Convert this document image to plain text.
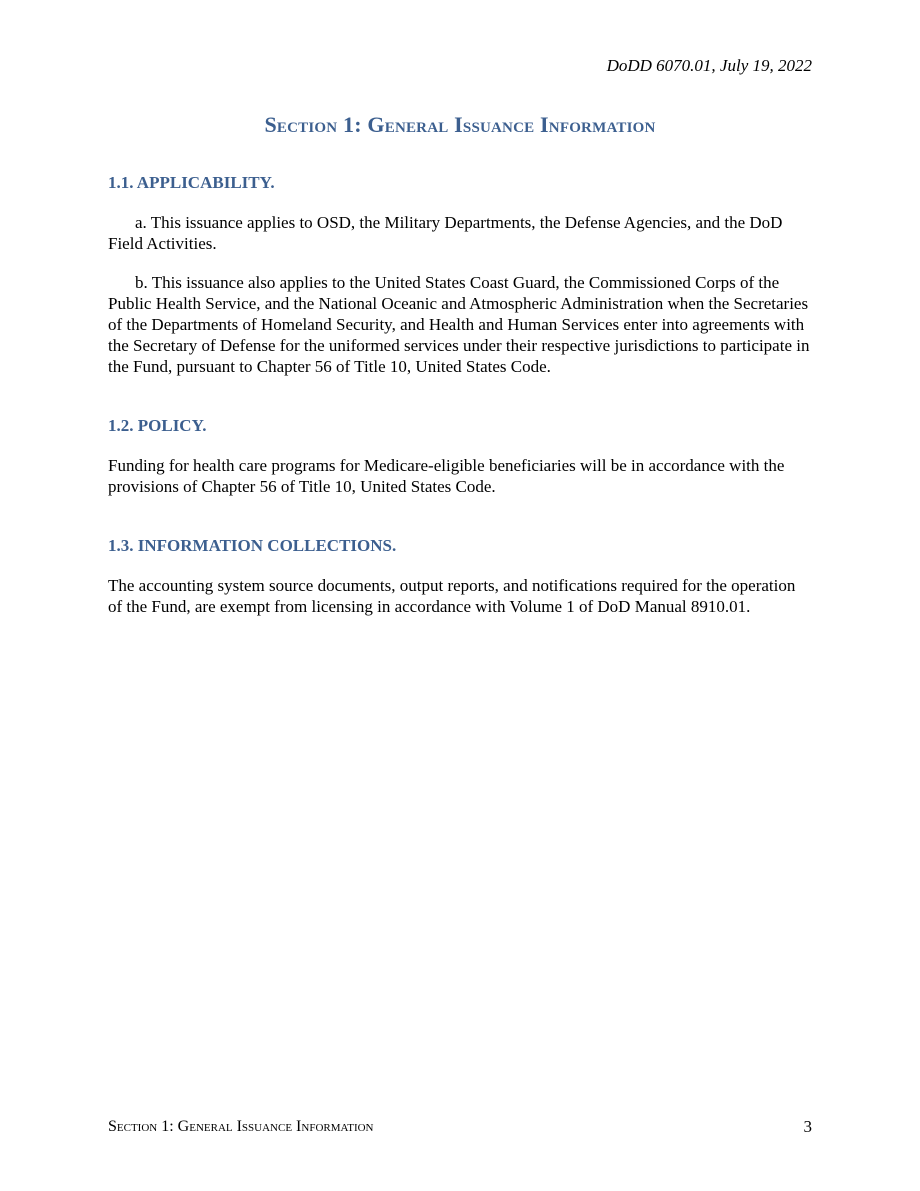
DoDD 6070.01, July 19, 2022
Section 1: General Issuance Information
1.1. APPLICABILITY.

a. This issuance applies to OSD, the Military Departments, the Defense Agencies, and the DoD Field Activities.

b. This issuance also applies to the United States Coast Guard, the Commissioned Corps of the Public Health Service, and the National Oceanic and Atmospheric Administration when the Secretaries of the Departments of Homeland Security, and Health and Human Services enter into agreements with the Secretary of Defense for the uniformed services under their respective jurisdictions to participate in the Fund, pursuant to Chapter 56 of Title 10, United States Code.

1.2. POLICY.

Funding for health care programs for Medicare-eligible beneficiaries will be in accordance with the provisions of Chapter 56 of Title 10, United States Code.

1.3. INFORMATION COLLECTIONS.

The accounting system source documents, output reports, and notifications required for the operation of the Fund, are exempt from licensing in accordance with Volume 1 of DoD Manual 8910.01.

Section 1: General Issuance Information	3
